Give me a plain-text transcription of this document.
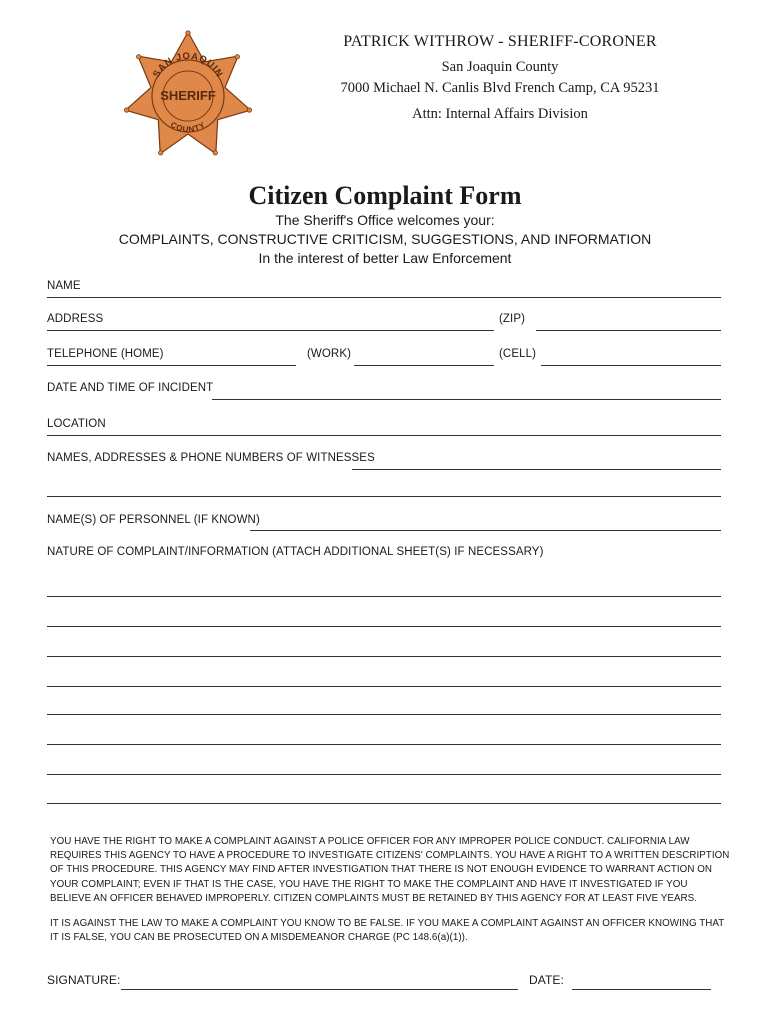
SAN JOAQUIN
SHERIFF
COUNTY
PATRICK WITHROW - SHERIFF-CORONER
San Joaquin County
7000 Michael N. Canlis Blvd French Camp, CA 95231
Attn: Internal Affairs Division
Citizen Complaint Form
The Sheriff's Office welcomes your:
COMPLAINTS, CONSTRUCTIVE CRITICISM, SUGGESTIONS, AND INFORMATION
In the interest of better Law Enforcement
NAME
ADDRESS	(ZIP)
TELEPHONE (HOME)	(WORK)	(CELL)
DATE AND TIME OF INCIDENT
LOCATION
NAMES, ADDRESSES & PHONE NUMBERS OF WITNESSES
NAME(S) OF PERSONNEL (IF KNOWN)
NATURE OF COMPLAINT/INFORMATION (ATTACH ADDITIONAL SHEET(S) IF NECESSARY)
YOU HAVE THE RIGHT TO MAKE A COMPLAINT AGAINST A POLICE OFFICER FOR ANY IMPROPER POLICE CONDUCT. CALIFORNIA LAW REQUIRES THIS AGENCY TO HAVE A PROCEDURE TO INVESTIGATE CITIZENS' COMPLAINTS. YOU HAVE A RIGHT TO A WRITTEN DESCRIPTION OF THIS PROCEDURE. THIS AGENCY MAY FIND AFTER INVESTIGATION THAT THERE IS NOT ENOUGH EVIDENCE TO WARRANT ACTION ON YOUR COMPLAINT; EVEN IF THAT IS THE CASE, YOU HAVE THE RIGHT TO MAKE THE COMPLAINT AND HAVE IT INVESTIGATED IF YOU BELIEVE AN OFFICER BEHAVED IMPROPERLY. CITIZEN COMPLAINTS MUST BE RETAINED BY THIS AGENCY FOR AT LEAST FIVE YEARS.
IT IS AGAINST THE LAW TO MAKE A COMPLAINT YOU KNOW TO BE FALSE. IF YOU MAKE A COMPLAINT AGAINST AN OFFICER KNOWING THAT IT IS FALSE, YOU CAN BE PROSECUTED ON A MISDEMEANOR CHARGE (PC 148.6(a)(1)).
SIGNATURE:	DATE:
